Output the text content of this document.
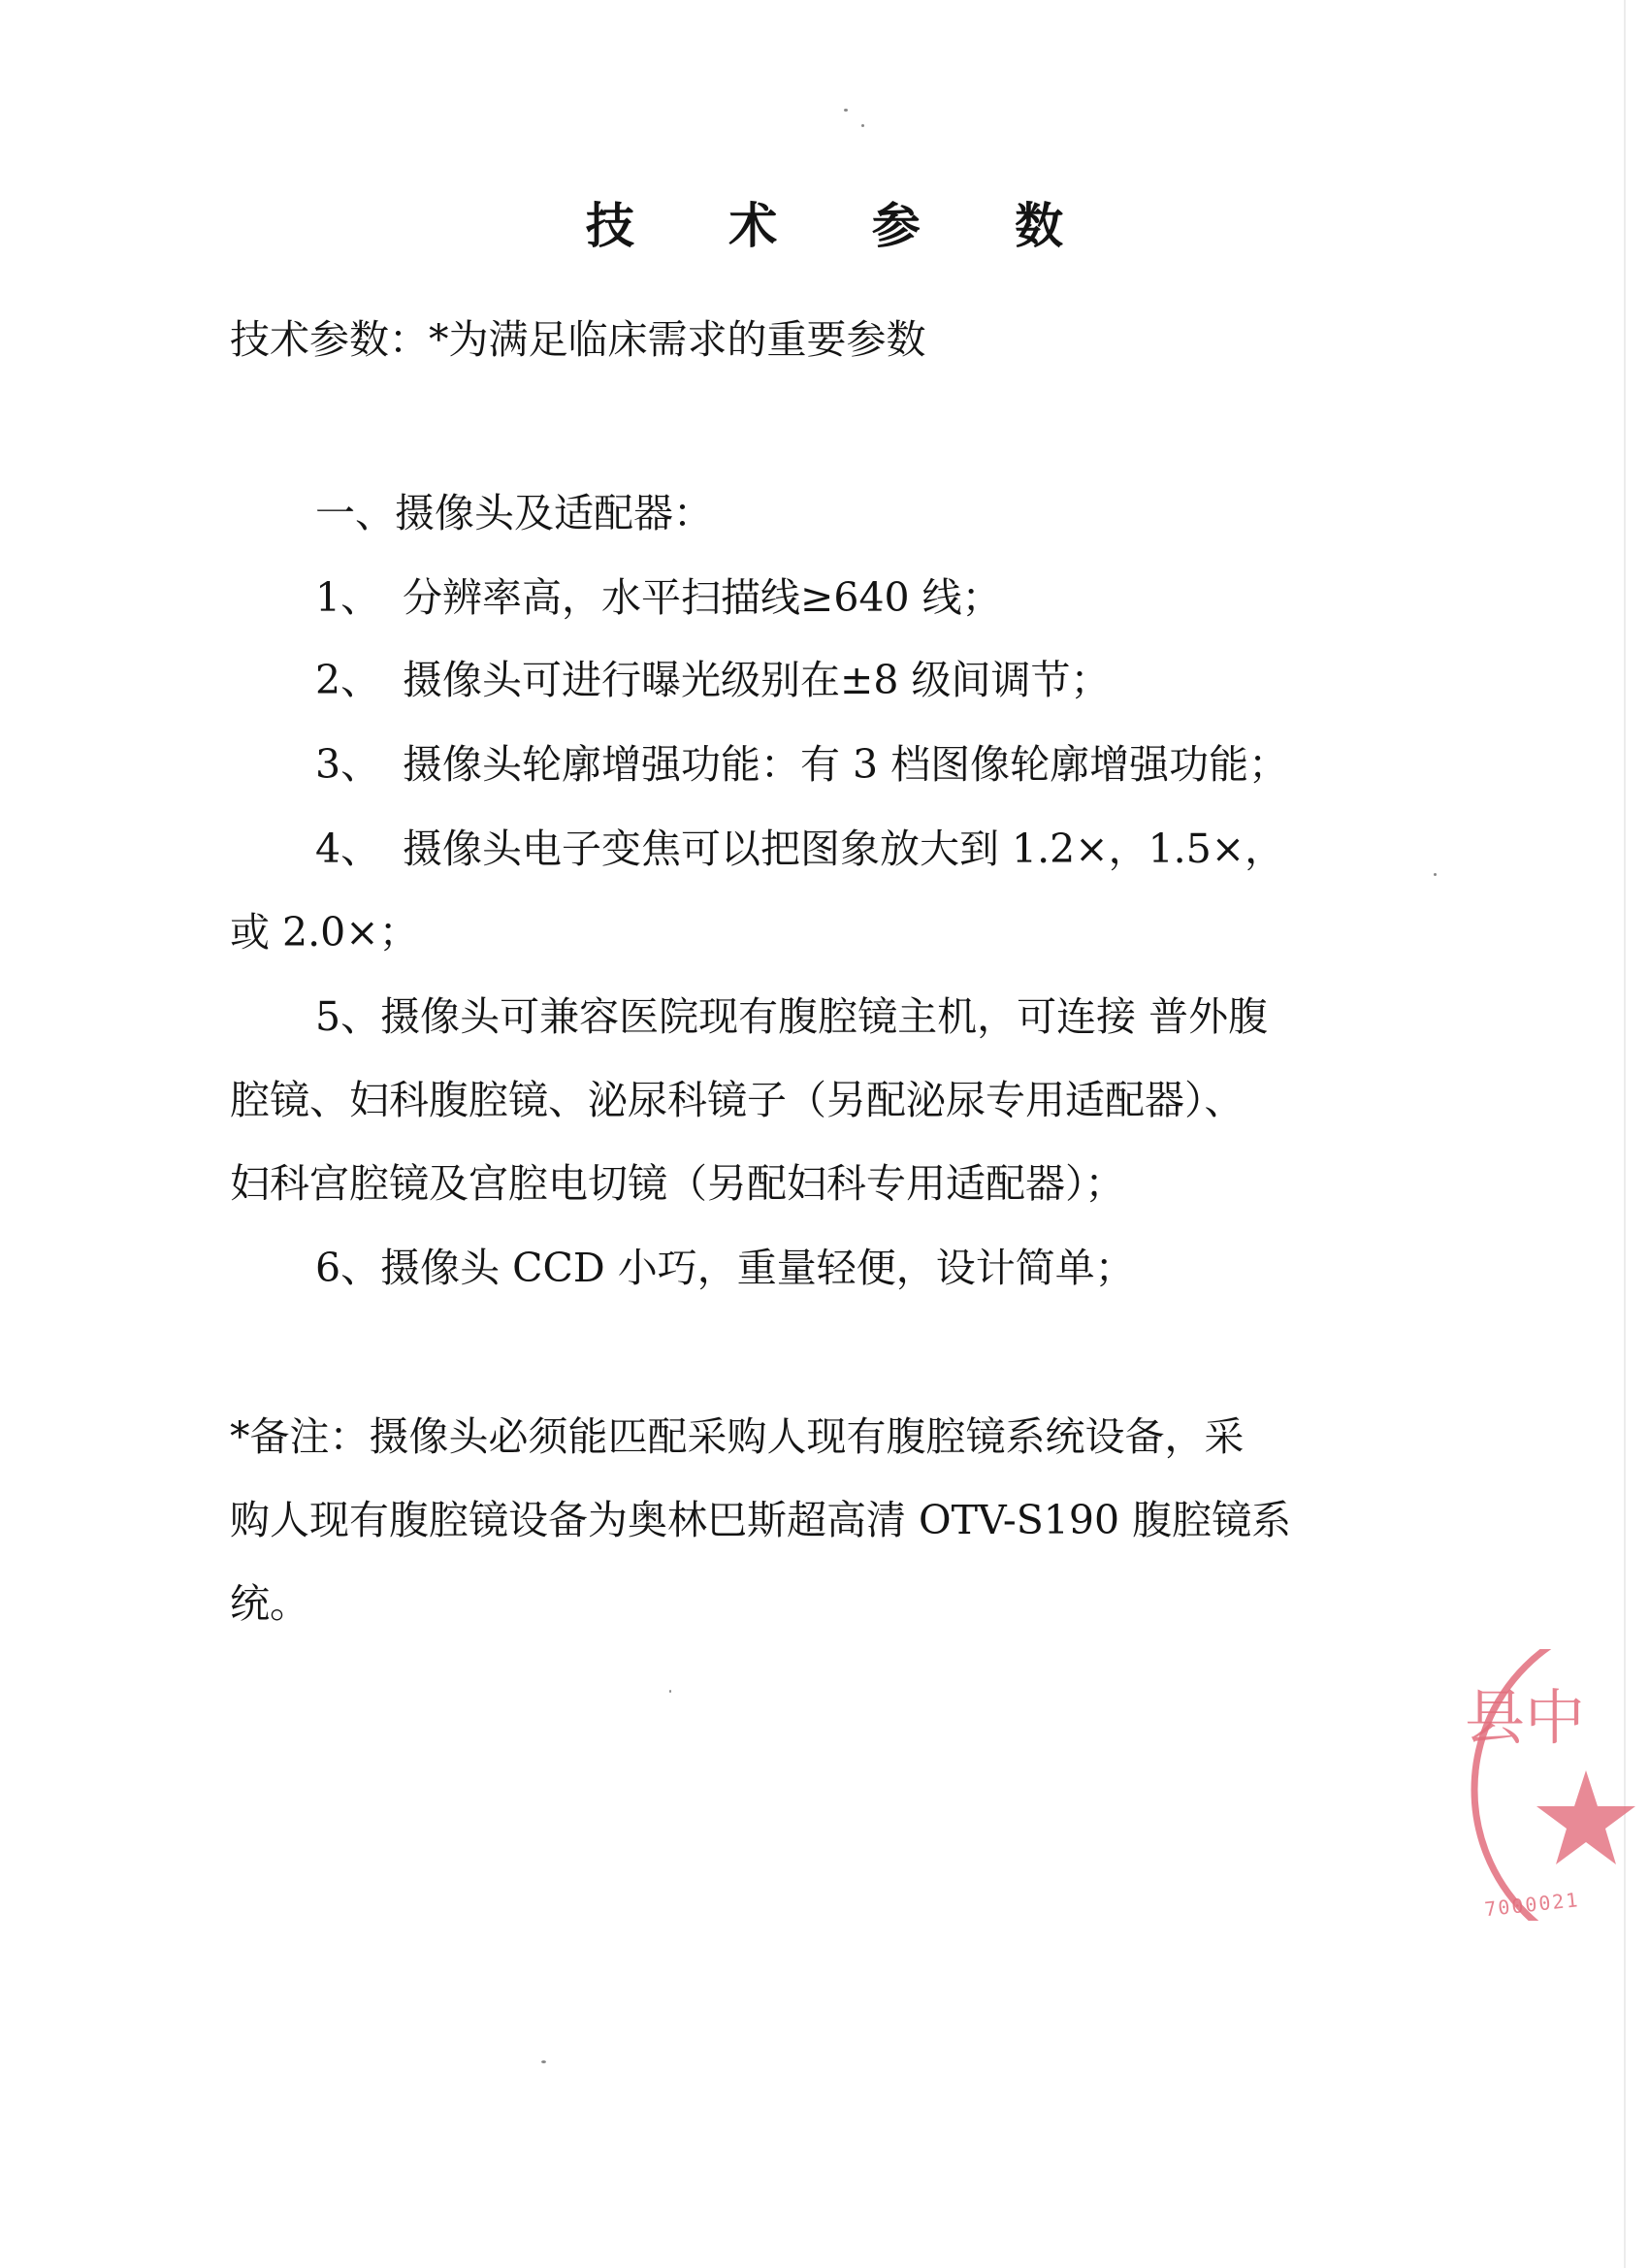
技 术 参 数

技术参数：*为满足临床需求的重要参数

一、摄像头及适配器：

1、 分辨率高，水平扫描线≥640 线；

2、 摄像头可进行曝光级别在±8 级间调节；

3、 摄像头轮廓增强功能：有 3 档图像轮廓增强功能；

4、 摄像头电子变焦可以把图象放大到 1.2×，1.5×，

或 2.0×；

5、摄像头可兼容医院现有腹腔镜主机，可连接 普外腹

腔镜、妇科腹腔镜、泌尿科镜子（另配泌尿专用适配器）、

妇科宫腔镜及宫腔电切镜（另配妇科专用适配器）；

6、摄像头 CCD 小巧，重量轻便，设计简单；

*备注：摄像头必须能匹配采购人现有腹腔镜系统设备，采

购人现有腹腔镜设备为奥林巴斯超高清 OTV-S190 腹腔镜系

统。

县中
7000021
